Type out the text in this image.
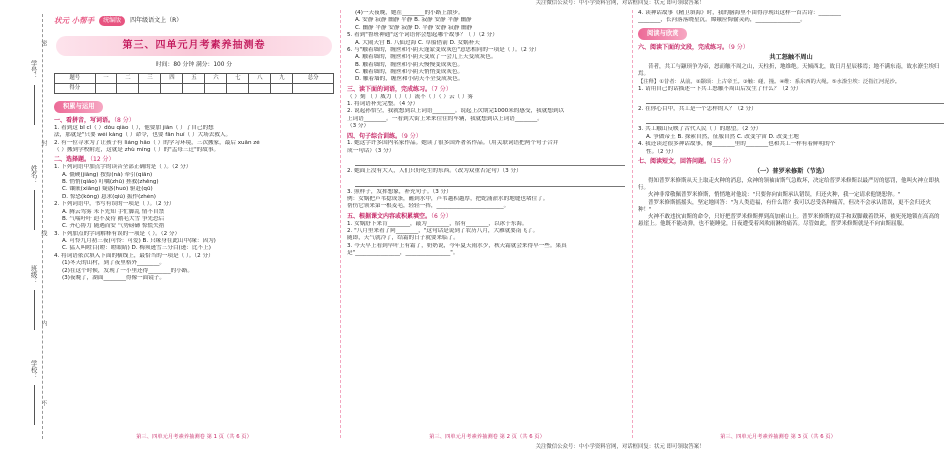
关注微信公众号：中小学资料官网，对话框回复：状元 即可领取答案！
关注微信公众号：中小学资料官网，对话框回复：状元 即可领取答案！
学号：
姓名：
班级：
学校：
密
封
线
内
不
状元 小帮手	统编版	四年级语文上（R）
第三、四单元月考素养抽测卷
时间：80 分钟 满分：100 分
题号	一	二	三	四	五	六	七	八	九	总分
得分										
积累与运用
一、看拼音，写词语。（8 分）
1. 看到这 bǐ cǐ（ ）dǒu qiào（ ），他要加 jiān（ ）了自己的想
法，那就是"只要 wéi kàng（ ）命令，也要 fān huí（ ）大场去救人。
2. 有一位寻求为了让孩子有 liáng hǎo（ ）的学习环境，三次搬家，最后 xuǎn zé
（ ）搬到学校附近，这就是 zhù míng（ ）的"孟母三迁"的故事。
二、选择题。（12 分）
1. 下列词语中加点字的读音全部正确的是（ ）。（2 分）
A. 僵硬(jiāng) 按捺(nà) 牵引(qiān)
B. 悄悄(qiǎo) 叮嘱(zhǔ) 拯救(zhěng)
C. 镶嵌(xiāng) 疑惑(huò) 驱赶(qū)
D. 惊恐(kǒng) 恳求(qiú) 振作(zhèn)
2. 下列词语中，书写有误的一项是（ ）。（2 分）
A. 腾云驾雾 未卜先知 手忙脚乱 情不自禁
B. 气喘吁吁 迫不及待 鹅毛大雪 争先恐后
C. 齐心协力 随遇而安 气势磅礴 惊慌失措
3. 下列加点的字词解释有误的一项是（ ）。（2 分）
A. 可怜九月初三夜(可怜：可爱) B. 只缘身在此山中(缘：因为)
C. 猛人叫瞪目(瞪：瞪眼睛) D. 梅须逊雪三分白(逊：比不上)
4. 将词语依次填入下面的横线上，最恰当的一项是（ ）。（2 分）
(1)冬天的山村，到了夜里格外________。
(2)在这个时候，发现了一小里还得________的小路。
(3)夜晚了，湖面________得像一面镜子。
第三、四单元月考素养抽测卷 第 1 页（共 6 页）
(4)一天夜晚，她在________的小路上散步。
A. 安静 寂静 幽静 平静 B. 寂静 安静 平静 幽静
C. 幽静 平静 安静 寂静 D. 平静 安静 寂静 幽静
5. 看到"鲁班神通"这个词语你会想起哪个故事？（ ）（2 分）
A. 大闹天宫 B. 八仙过海 C. 草船借箭 D. 女娲补天
6. 与"触着墙的，缠丝和小阴天蓬蒙变成灰色"意思相同的一项是（ ）。（2 分）
A. 触着墙的，缠丝和小阴天变成了一会儿上天变成灰色。
B. 触着墙的，缠丝和小阴天慢慢变成灰色。
C. 触着墙的，缠丝和小阴天悄悄变成灰色。
D. 触着墙的，缠丝和小阴天不全变成灰色。
三、读下面的词语，完成练习。（7 分）
（ ）刻 （ ）威力（ ）（ ）流不（ ）（ ）云（ ）雾
1. 将词语补充完整。（4 分）
2. 说起孙悟空，我就想到以上词语________。说起上次期完1000米的感受，我就想到以
上词语________。一看到大街上来来往往的车辆，我就想到以上词语________。
（3 分）
四、句子综合训练。（9 分）
1. 她这字许多国内名家作品。她读了很多国外著名作品。（用关联词语把两个句子合并
成一句话）（3 分）
2. 她面上没有大人，人们只好吃生的东西。（改为双重否定句）（3 分）
3. 照样子，发挥想象，补充句子。（3 分）
例：女娲把芦苇捻成条，蘸到水中，芦苇越积越厚，把蛇涌淤水的地缝也堵住了。
帮伤它领来第一根麦毛，轻轻一挥，________________________。
五、根据课文内容或积累填空。（6 分）
1. 女娲舒下来肯________，敲为________，宿有________，以冰于东海。
2. "八月里来看了阿________，"这句话是说到了农历八月，大雁就要南飞了。
随即，天气就冷了，结霜的日子就要来临了。
3. 今天早上看到早叶上有霜了，奶奶说，今年夏天雨水少，秋天霜就会来得早一些。果真
是"________________，________________"。
第三、四单元月考素养抽测卷 第 2 页（共 6 页）
4. 读神话故事《精卫填海》时，我的脑海里不由得浮现出这样一首古诗：________
________，长河落落晓星沉。嫦娥应悔偷灵药，________________。
阅读与欣赏
六、阅读下面的文段，完成练习。（9 分）
共工怒触不周山
昔者，共工与颛顼争为帝，怒而触不周之山，天柱折，地维绝。天倾西北，故日月星辰移焉；地不满东南，故水潦尘埃归焉。
【注释】①昔者：从前。②颛顼：上古帝王。③触：碰、撞。④维：系东西的大绳。⑤水潦尘埃：泛指江河泥沙。
1. 请用自己的话描述一下共工怒触不周山后发生了什么？（2 分）
2. 在你心目中，共工是一个怎样的人？（2 分）
3. 共工触山反映了古代人民（ ）的愿望。（2 分）
A. 争做帝王 B. 探索自然，征服自然 C. 改变宇宙 D. 改变土地
4. 我还读过很多神话故事，像________里的________也和共工一样有着鲜明的个
性。（2 分）
七、阅读短文，回答问题。（15 分）
（一）普罗米修斯（节选）
得知普罗米修斯从天上取走火种的消息，众神的领袖宙斯气急败坏，决定给普罗米修斯以最严厉的惩罚，他叫火神立即执行。
火神非常敬佩普罗米修斯，悄悄地对他说："只要你向宙斯承认错误，归还火种，我一定请求他饶恕你。"
普罗米修斯摇摇头，坚定地回答："为人类造福，有什么错？我可以忍受各种痛苦，但决不会承认错误，更不会归还火种！"
火神不敢违抗宙斯的命令，只好把普罗米修斯押到高加索山上。普罗米修斯的双手和双脚戴着铁环，被死死地锁在高高的悬崖上。他既不能动弹，也不能睡觉，日夜遭受着风吹雨淋的痛苦。尽管如此，普罗米修斯就是不向宙斯屈服。
第三、四单元月考素养抽测卷 第 3 页（共 6 页）
